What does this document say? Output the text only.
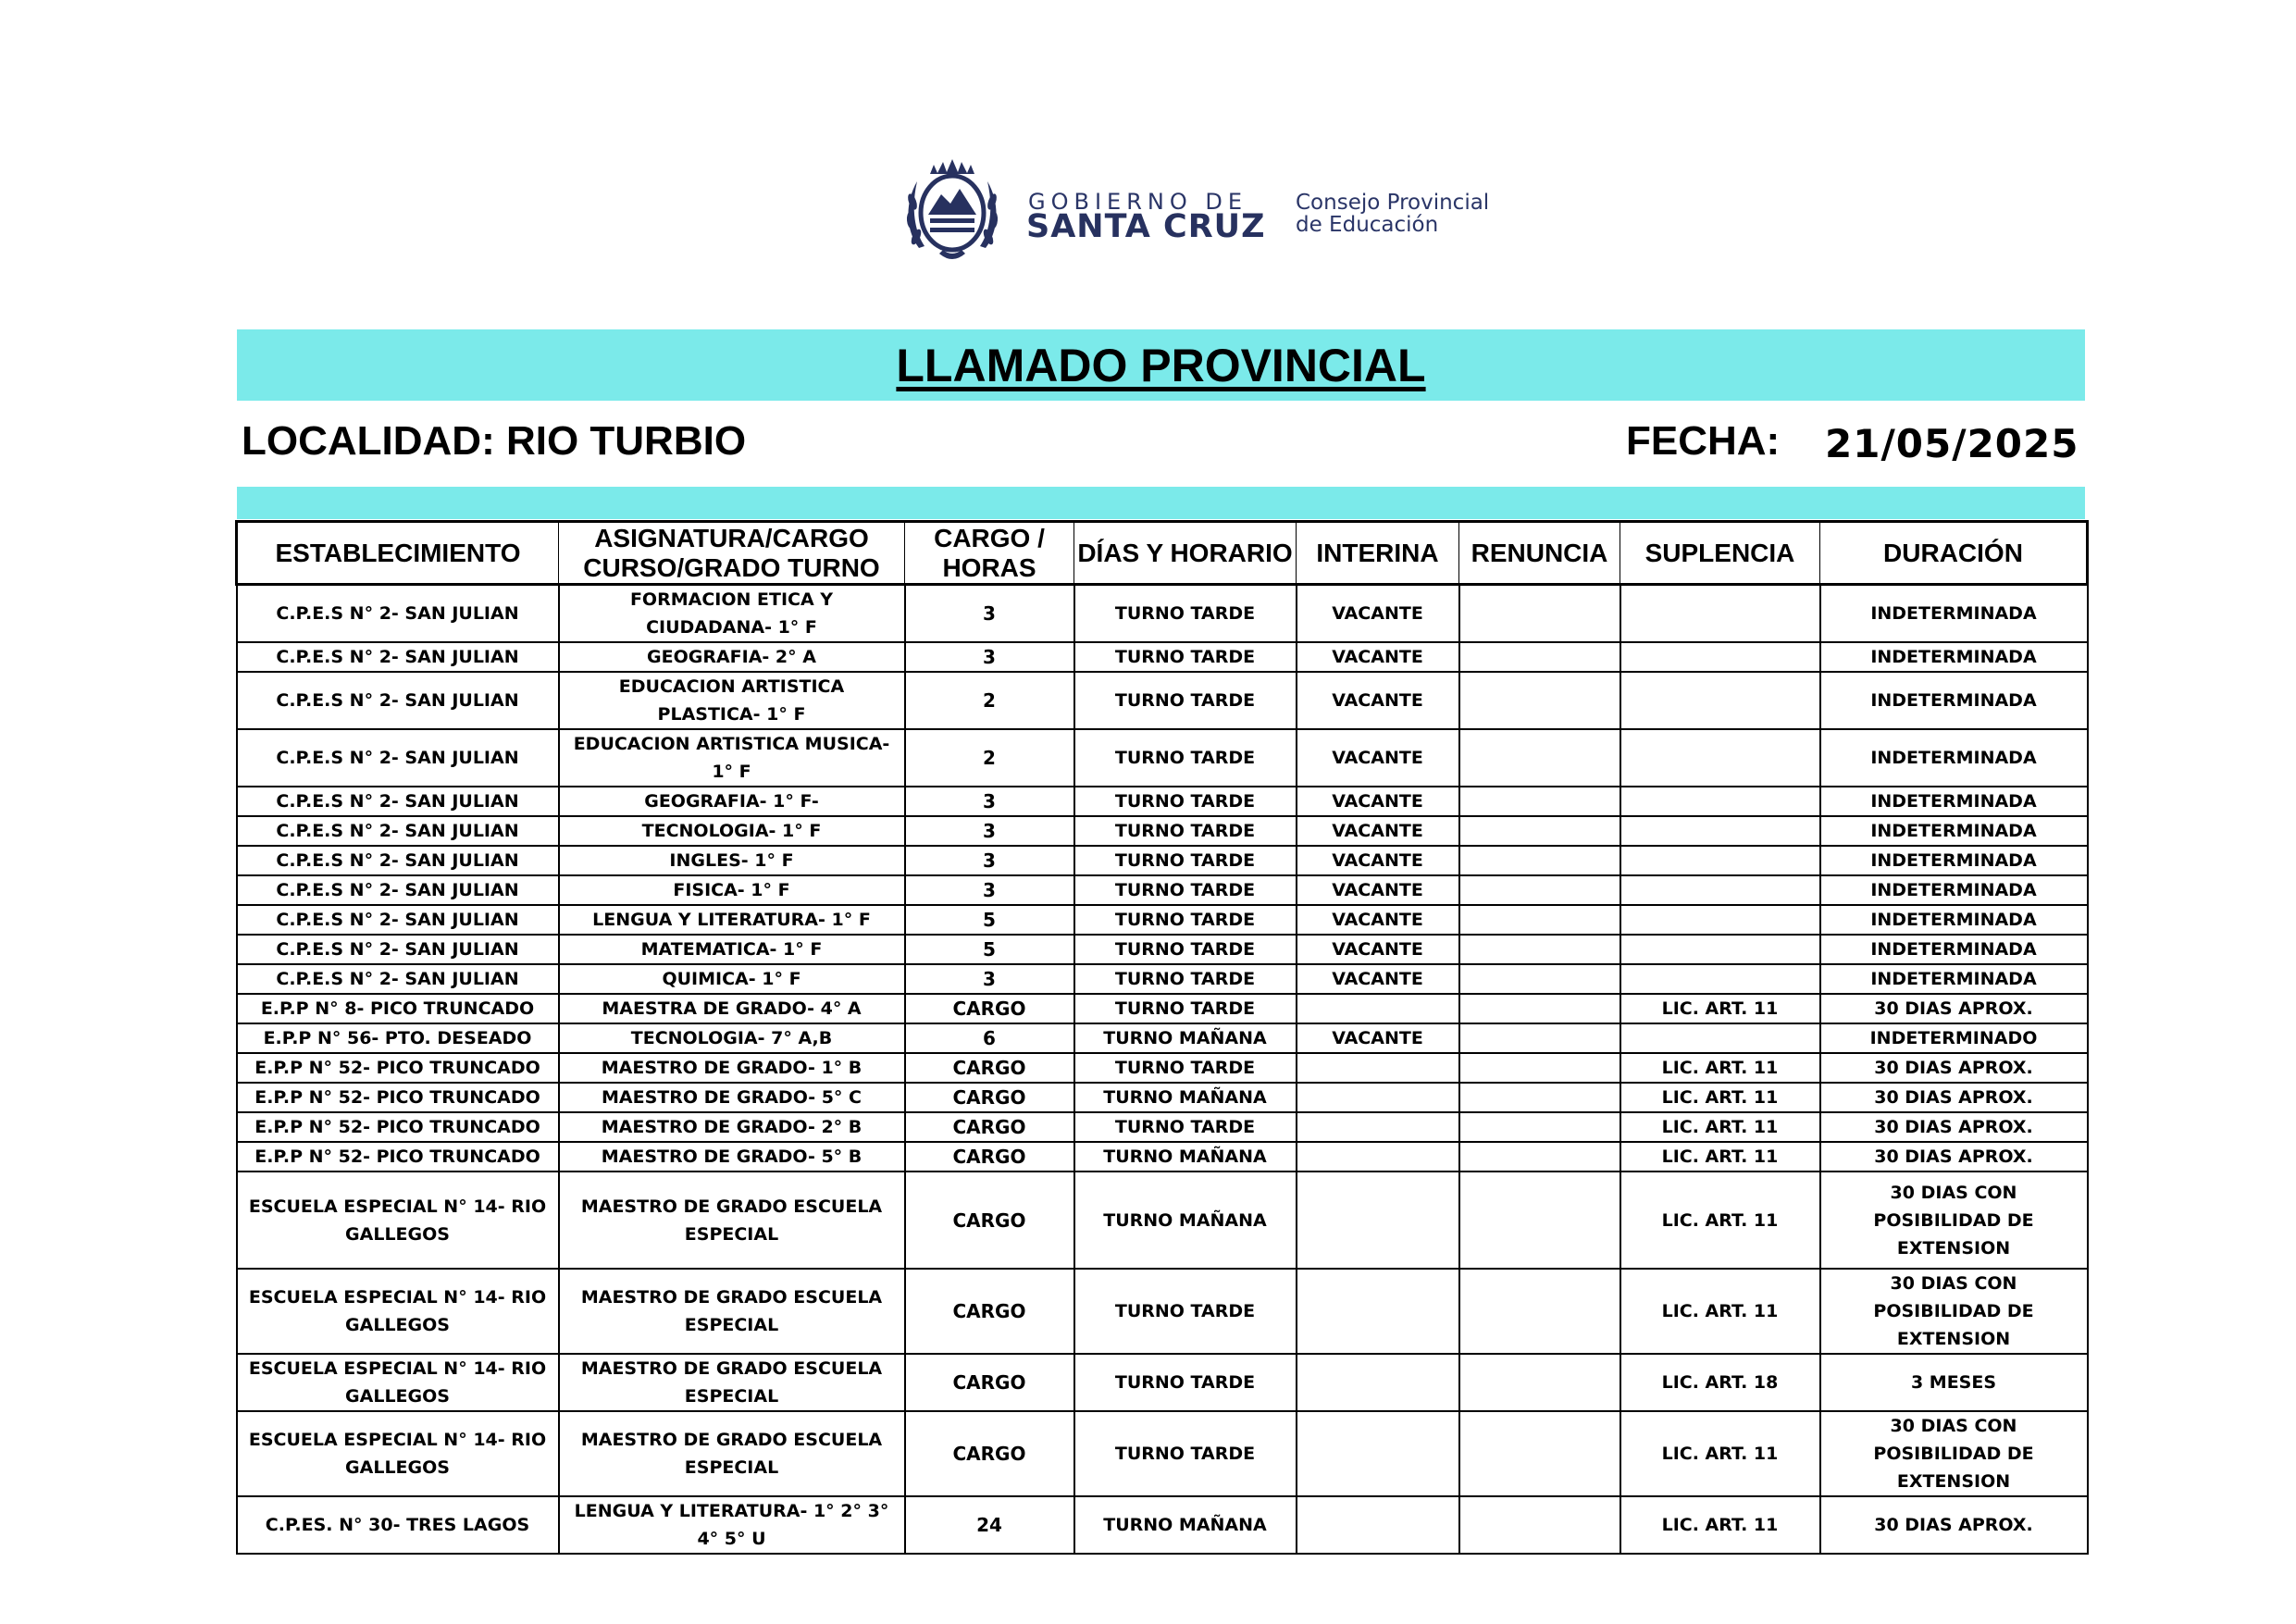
GOBIERNO DE

SANTA CRUZ

Consejo Provincial

de Educación

LLAMADO PROVINCIAL

LOCALIDAD: RIO TURBIO	FECHA: 21/05/2025

ESTABLECIMIENTO	ASIGNATURA/CARGO CURSO/GRADO TURNO	CARGO / HORAS	DÍAS Y HORARIO	INTERINA	RENUNCIA	SUPLENCIA	DURACIÓN
C.P.E.S N° 2- SAN JULIAN	FORMACION ETICA Y CIUDADANA- 1° F	3	TURNO TARDE	VACANTE			INDETERMINADA
C.P.E.S N° 2- SAN JULIAN	GEOGRAFIA- 2° A	3	TURNO TARDE	VACANTE			INDETERMINADA
C.P.E.S N° 2- SAN JULIAN	EDUCACION ARTISTICA PLASTICA- 1° F	2	TURNO TARDE	VACANTE			INDETERMINADA
C.P.E.S N° 2- SAN JULIAN	EDUCACION ARTISTICA MUSICA- 1° F	2	TURNO TARDE	VACANTE			INDETERMINADA
C.P.E.S N° 2- SAN JULIAN	GEOGRAFIA- 1° F-	3	TURNO TARDE	VACANTE			INDETERMINADA
C.P.E.S N° 2- SAN JULIAN	TECNOLOGIA- 1° F	3	TURNO TARDE	VACANTE			INDETERMINADA
C.P.E.S N° 2- SAN JULIAN	INGLES- 1° F	3	TURNO TARDE	VACANTE			INDETERMINADA
C.P.E.S N° 2- SAN JULIAN	FISICA- 1° F	3	TURNO TARDE	VACANTE			INDETERMINADA
C.P.E.S N° 2- SAN JULIAN	LENGUA Y LITERATURA- 1° F	5	TURNO TARDE	VACANTE			INDETERMINADA
C.P.E.S N° 2- SAN JULIAN	MATEMATICA- 1° F	5	TURNO TARDE	VACANTE			INDETERMINADA
C.P.E.S N° 2- SAN JULIAN	QUIMICA- 1° F	3	TURNO TARDE	VACANTE			INDETERMINADA
E.P.P N° 8- PICO TRUNCADO	MAESTRA DE GRADO- 4° A	CARGO	TURNO TARDE			LIC. ART. 11	30 DIAS APROX.
E.P.P N° 56- PTO. DESEADO	TECNOLOGIA- 7° A,B	6	TURNO MAÑANA	VACANTE			INDETERMINADO
E.P.P N° 52- PICO TRUNCADO	MAESTRO DE GRADO- 1° B	CARGO	TURNO TARDE			LIC. ART. 11	30 DIAS APROX.
E.P.P N° 52- PICO TRUNCADO	MAESTRO DE GRADO- 5° C	CARGO	TURNO MAÑANA			LIC. ART. 11	30 DIAS APROX.
E.P.P N° 52- PICO TRUNCADO	MAESTRO DE GRADO- 2° B	CARGO	TURNO TARDE			LIC. ART. 11	30 DIAS APROX.
E.P.P N° 52- PICO TRUNCADO	MAESTRO DE GRADO- 5° B	CARGO	TURNO MAÑANA			LIC. ART. 11	30 DIAS APROX.
ESCUELA ESPECIAL N° 14- RIO GALLEGOS	MAESTRO DE GRADO ESCUELA ESPECIAL	CARGO	TURNO MAÑANA			LIC. ART. 11	30 DIAS CON POSIBILIDAD DE EXTENSION
ESCUELA ESPECIAL N° 14- RIO GALLEGOS	MAESTRO DE GRADO ESCUELA ESPECIAL	CARGO	TURNO TARDE			LIC. ART. 11	30 DIAS CON POSIBILIDAD DE EXTENSION
ESCUELA ESPECIAL N° 14- RIO GALLEGOS	MAESTRO DE GRADO ESCUELA ESPECIAL	CARGO	TURNO TARDE			LIC. ART. 18	3 MESES
ESCUELA ESPECIAL N° 14- RIO GALLEGOS	MAESTRO DE GRADO ESCUELA ESPECIAL	CARGO	TURNO TARDE			LIC. ART. 11	30 DIAS CON POSIBILIDAD DE EXTENSION
C.P.ES. N° 30- TRES LAGOS	LENGUA Y LITERATURA- 1° 2° 3° 4° 5° U	24	TURNO MAÑANA			LIC. ART. 11	30 DIAS APROX.
